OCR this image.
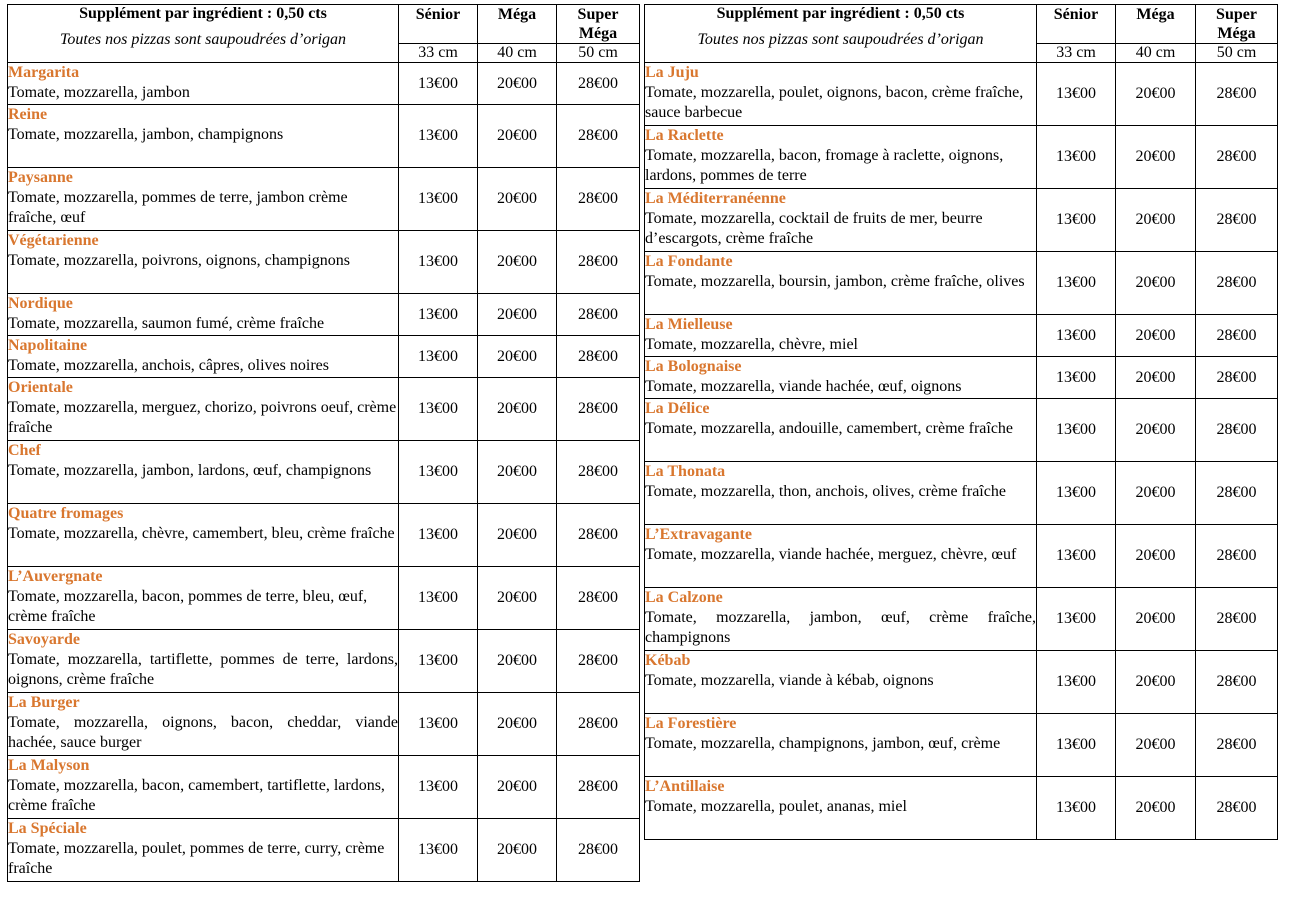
Supplément par ingrédient : 0,50 cts
Toutes nos pizzas sont saupoudrées d’origan	Sénior	Méga	Super Méga
	33 cm	40 cm	50 cm

Margarita
Tomate, mozzarella, jambon	13€00	20€00	28€00

Reine
Tomate, mozzarella, jambon, champignons	13€00	20€00	28€00

Paysanne
Tomate, mozzarella, pommes de terre, jambon crème fraîche, œuf	13€00	20€00	28€00

Végétarienne
Tomate, mozzarella, poivrons, oignons, champignons	13€00	20€00	28€00

Nordique
Tomate, mozzarella, saumon fumé, crème fraîche	13€00	20€00	28€00

Napolitaine
Tomate, mozzarella, anchois, câpres, olives noires	13€00	20€00	28€00

Orientale
Tomate, mozzarella, merguez, chorizo, poivrons oeuf, crème fraîche	13€00	20€00	28€00

Chef
Tomate, mozzarella, jambon, lardons, œuf, champignons	13€00	20€00	28€00

Quatre fromages
Tomate, mozzarella, chèvre, camembert, bleu, crème fraîche	13€00	20€00	28€00

L’Auvergnate
Tomate, mozzarella, bacon, pommes de terre, bleu, œuf, crème fraîche	13€00	20€00	28€00

Savoyarde
Tomate, mozzarella, tartiflette, pommes de terre, lardons, oignons, crème fraîche	13€00	20€00	28€00

La Burger
Tomate, mozzarella, oignons, bacon, cheddar, viande hachée, sauce burger	13€00	20€00	28€00

La Malyson
Tomate, mozzarella, bacon, camembert, tartiflette, lardons, crème fraîche	13€00	20€00	28€00

La Spéciale
Tomate, mozzarella, poulet, pommes de terre, curry, crème fraîche	13€00	20€00	28€00
Supplément par ingrédient : 0,50 cts
Toutes nos pizzas sont saupoudrées d’origan	Sénior	Méga	Super Méga
	33 cm	40 cm	50 cm

La Juju
Tomate, mozzarella, poulet, oignons, bacon, crème fraîche, sauce barbecue	13€00	20€00	28€00

La Raclette
Tomate, mozzarella, bacon, fromage à raclette, oignons, lardons, pommes de terre	13€00	20€00	28€00

La Méditerranéenne
Tomate, mozzarella, cocktail de fruits de mer, beurre d’escargots, crème fraîche	13€00	20€00	28€00

La Fondante
Tomate, mozzarella, boursin, jambon, crème fraîche, olives	13€00	20€00	28€00

La Mielleuse
Tomate, mozzarella, chèvre, miel	13€00	20€00	28€00

La Bolognaise
Tomate, mozzarella, viande hachée, œuf, oignons	13€00	20€00	28€00

La Délice
Tomate, mozzarella, andouille, camembert, crème fraîche	13€00	20€00	28€00

La Thonata
Tomate, mozzarella, thon, anchois, olives, crème fraîche	13€00	20€00	28€00

L’Extravagante
Tomate, mozzarella, viande hachée, merguez, chèvre, œuf	13€00	20€00	28€00

La Calzone
Tomate, mozzarella, jambon, œuf, crème fraîche, champignons	13€00	20€00	28€00

Kébab
Tomate, mozzarella, viande à kébab, oignons	13€00	20€00	28€00

La Forestière
Tomate, mozzarella, champignons, jambon, œuf, crème	13€00	20€00	28€00

L’Antillaise
Tomate, mozzarella, poulet, ananas, miel	13€00	20€00	28€00
